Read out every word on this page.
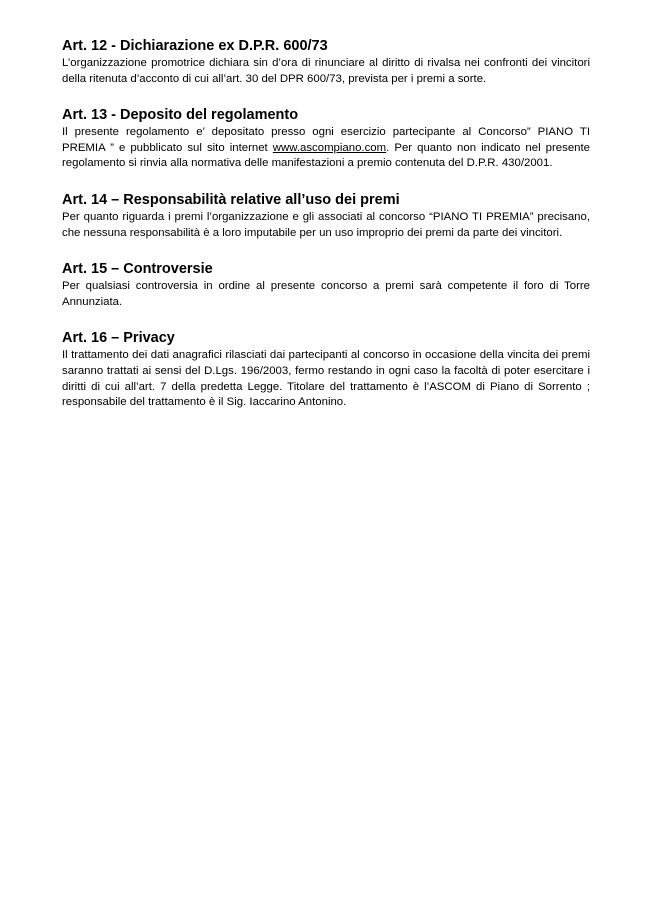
Art. 12 - Dichiarazione ex D.P.R. 600/73

L’organizzazione promotrice dichiara sin d’ora di rinunciare al diritto di rivalsa nei confronti dei vincitori della ritenuta d’acconto di cui all’art. 30 del DPR 600/73, prevista per i premi a sorte.

Art. 13 - Deposito del regolamento

Il presente regolamento e’ depositato presso ogni esercizio partecipante al Concorso” PIANO TI PREMIA ” e pubblicato sul sito internet www.ascompiano.com. Per quanto non indicato nel presente regolamento si rinvia alla normativa delle manifestazioni a premio contenuta del D.P.R. 430/2001.

Art. 14 – Responsabilità relative all’uso dei premi

Per quanto riguarda i premi l’organizzazione e gli associati al concorso “PIANO TI PREMIA” precisano, che nessuna responsabilità è a loro imputabile per un uso improprio dei premi da parte dei vincitori.

Art. 15 – Controversie

Per qualsiasi controversia in ordine al presente concorso a premi sarà competente il foro di Torre Annunziata.

Art. 16 – Privacy

Il trattamento dei dati anagrafici rilasciati dai partecipanti al concorso in occasione della vincita dei premi saranno trattati ai sensi del D.Lgs. 196/2003, fermo restando in ogni caso la facoltà di poter esercitare i diritti di cui all’art. 7 della predetta Legge. Titolare del trattamento è l’ASCOM di Piano di Sorrento ; responsabile del trattamento è il Sig. Iaccarino Antonino.
